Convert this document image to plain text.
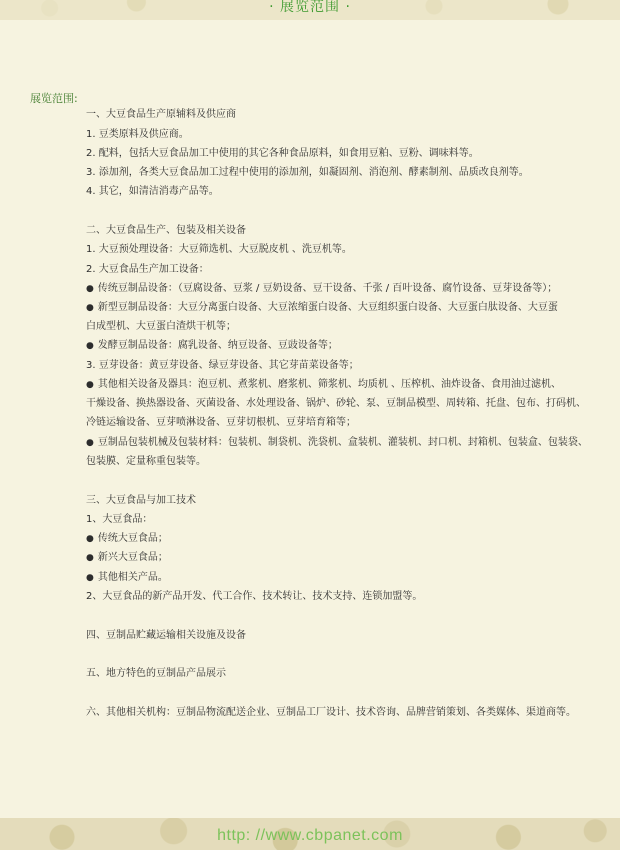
· 展览范围 ·
展览范围:
一、大豆食品生产原辅料及供应商
1. 豆类原料及供应商。
2. 配料，包括大豆食品加工中使用的其它各种食品原料，如食用豆粕、豆粉、调味料等。
3. 添加剂，各类大豆食品加工过程中使用的添加剂，如凝固剂、消泡剂、酵素制剂、品质改良剂等。
4. 其它，如清洁消毒产品等。
二、大豆食品生产、包装及相关设备
1. 大豆预处理设备：大豆筛选机、大豆脱皮机 、洗豆机等。
2. 大豆食品生产加工设备：
● 传统豆制品设备：（豆腐设备、豆浆 / 豆奶设备、豆干设备、千张 / 百叶设备、腐竹设备、豆芽设备等）；
● 新型豆制品设备：大豆分离蛋白设备、大豆浓缩蛋白设备、大豆组织蛋白设备、大豆蛋白肽设备、大豆蛋
白成型机、大豆蛋白渣烘干机等；
● 发酵豆制品设备：腐乳设备、纳豆设备、豆豉设备等；
3. 豆芽设备：黄豆芽设备、绿豆芽设备、其它芽苗菜设备等；
● 其他相关设备及器具：泡豆机、煮浆机、磨浆机、筛浆机、均质机 、压榨机、油炸设备、食用油过滤机、
干燥设备、换热器设备、灭菌设备、水处理设备、锅炉、砂轮、泵、豆制品模型、周转箱、托盘、包布、打码机、
冷链运输设备、豆芽喷淋设备、豆芽切根机、豆芽培育箱等；
● 豆制品包装机械及包装材料：包装机、制袋机、洗袋机、盒装机、灌装机、封口机、封箱机、包装盒、包装袋、
包装膜、定量称重包装等。
三、大豆食品与加工技术
1、大豆食品：
● 传统大豆食品；
● 新兴大豆食品；
● 其他相关产品。
2、大豆食品的新产品开发、代工合作、技术转让、技术支持、连锁加盟等。
四、豆制品贮藏运输相关设施及设备
五、地方特色的豆制品产品展示
六、其他相关机构：豆制品物流配送企业、豆制品工厂设计、技术咨询、品牌营销策划、各类媒体、渠道商等。
http: //www.cbpanet.com
